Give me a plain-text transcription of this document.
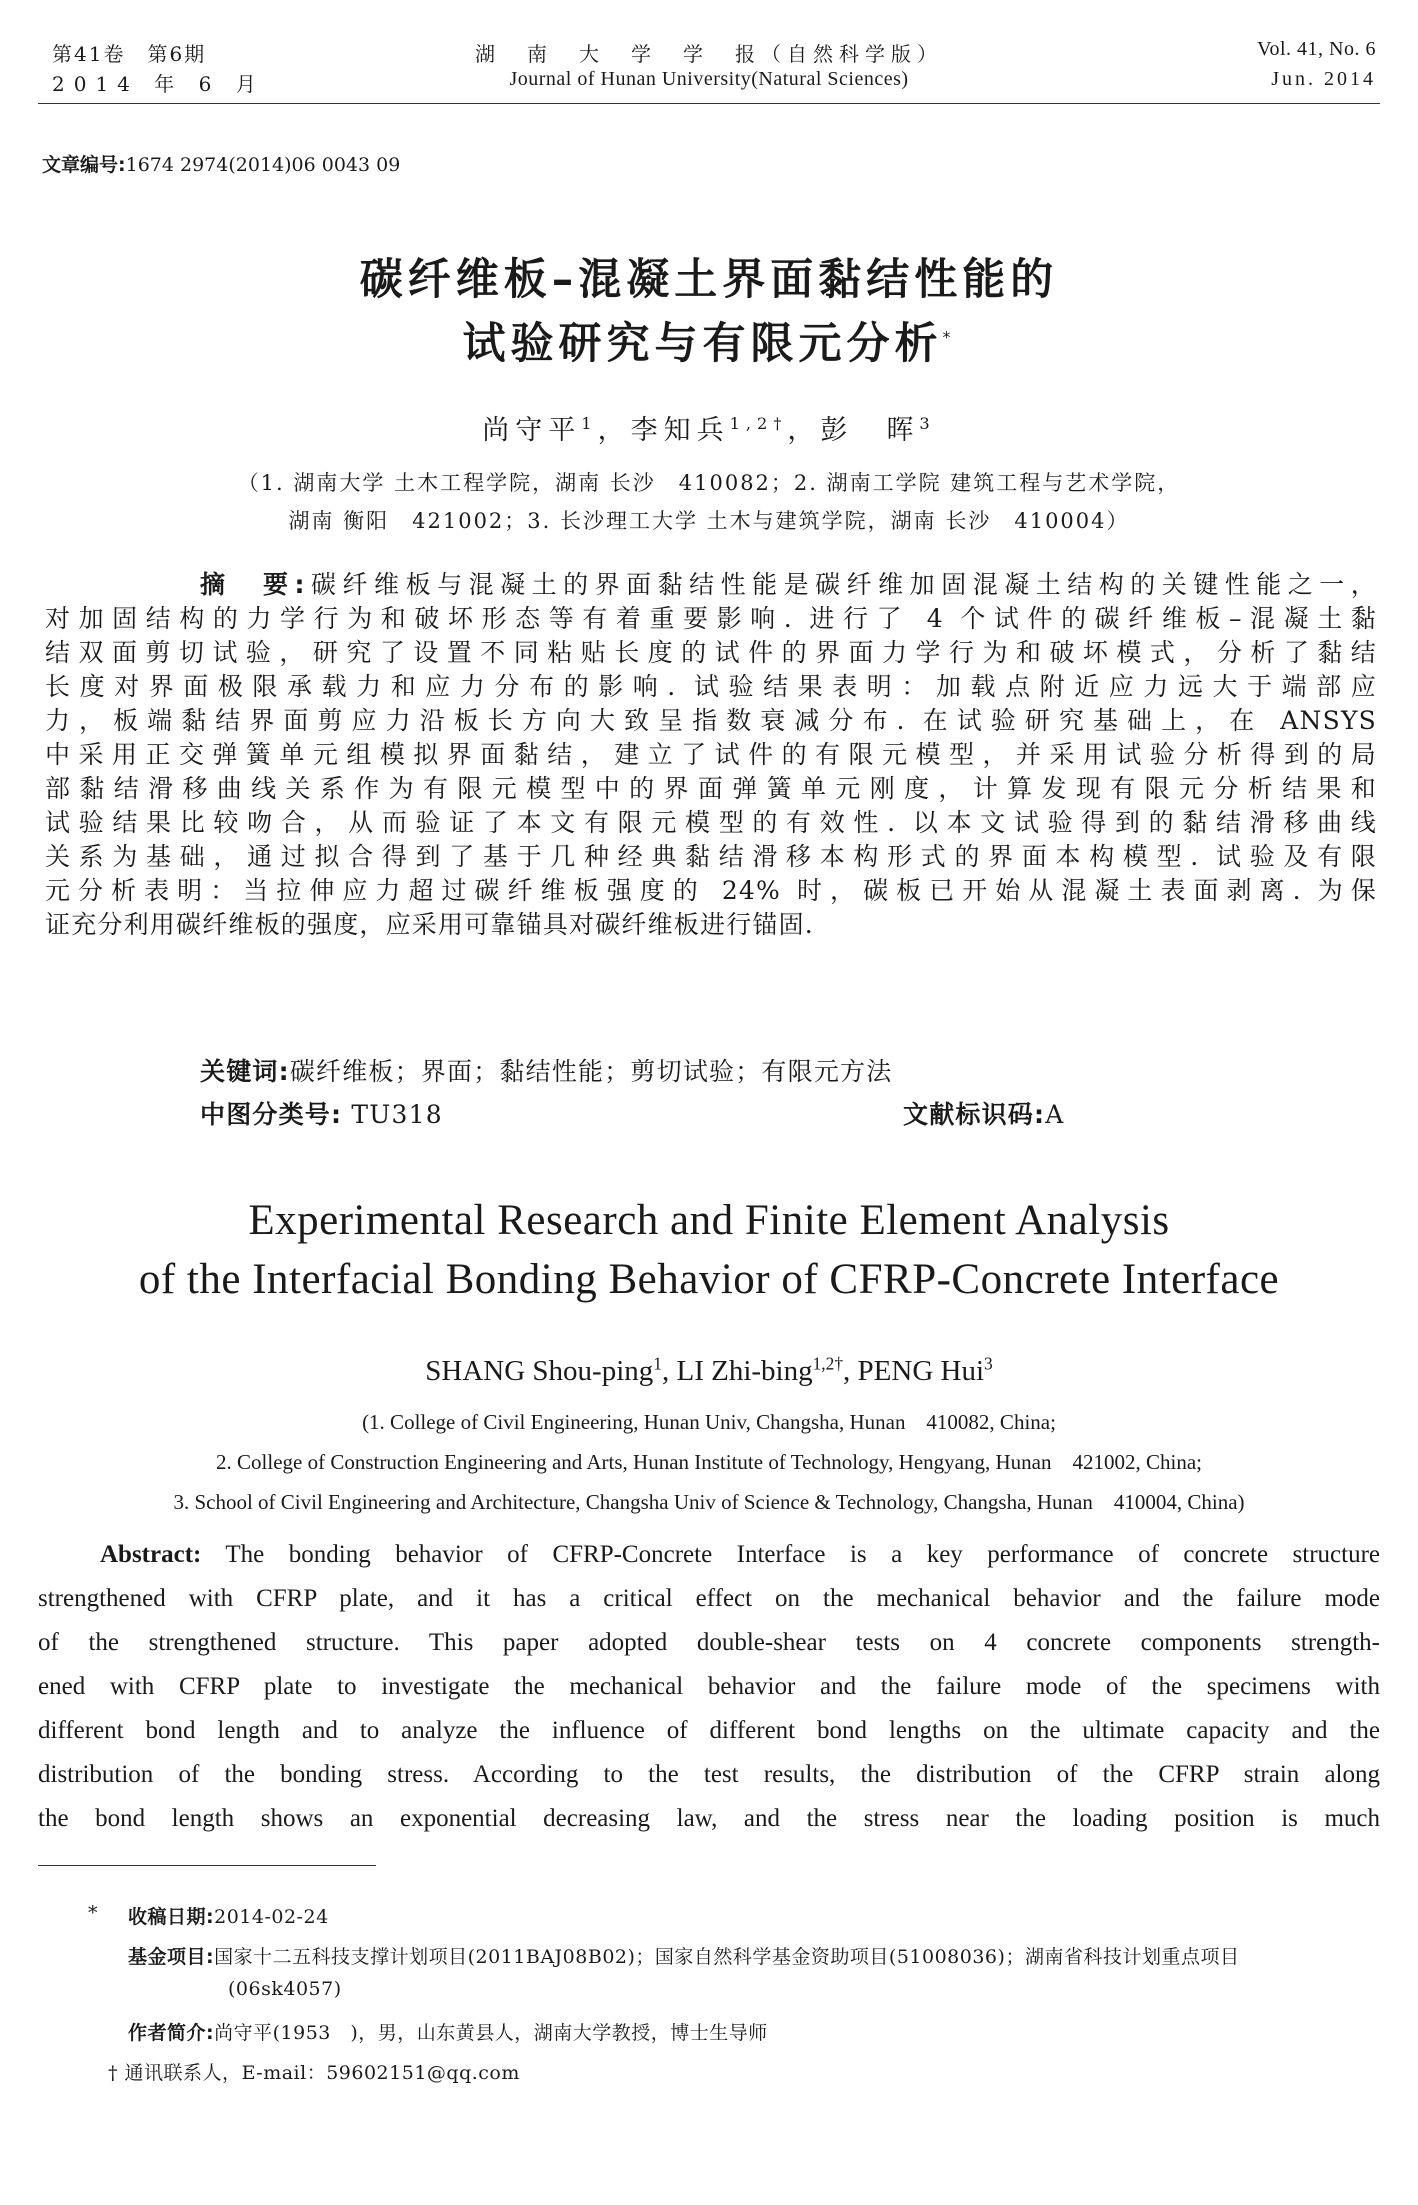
第41卷　第6期
2014 年 6 月
湖　南　大　学　学　报（自然科学版）
Journal of Hunan University(Natural Sciences)
Vol. 41, No. 6
Jun. 2014
文章编号:1674 2974(2014)06 0043 09
碳纤维板–混凝土界面黏结性能的
试验研究与有限元分析*
尚守平$^1$，李知兵$^{1,2\dagger}$，彭　晖$^3$
（1. 湖南大学 土木工程学院，湖南 长沙　410082；2. 湖南工学院 建筑工程与艺术学院，
湖南 衡阳　421002；3. 长沙理工大学 土木与建筑学院，湖南 长沙　410004）
摘　要:碳纤维板与混凝土的界面黏结性能是碳纤维加固混凝土结构的关键性能之一，
对加固结构的力学行为和破坏形态等有着重要影响. 进行了 4 个试件的碳纤维板–混凝土黏
结双面剪切试验，研究了设置不同粘贴长度的试件的界面力学行为和破坏模式，分析了黏结
长度对界面极限承载力和应力分布的影响. 试验结果表明：加载点附近应力远大于端部应
力，板端黏结界面剪应力沿板长方向大致呈指数衰减分布. 在试验研究基础上，在 ANSYS
中采用正交弹簧单元组模拟界面黏结，建立了试件的有限元模型，并采用试验分析得到的局
部黏结滑移曲线关系作为有限元模型中的界面弹簧单元刚度，计算发现有限元分析结果和
试验结果比较吻合，从而验证了本文有限元模型的有效性. 以本文试验得到的黏结滑移曲线
关系为基础，通过拟合得到了基于几种经典黏结滑移本构形式的界面本构模型. 试验及有限
元分析表明：当拉伸应力超过碳纤维板强度的 24% 时，碳板已开始从混凝土表面剥离. 为保
证充分利用碳纤维板的强度，应采用可靠锚具对碳纤维板进行锚固.
关键词:碳纤维板；界面；黏结性能；剪切试验；有限元方法
中图分类号: TU318	文献标识码:A
Experimental Research and Finite Element Analysis
of the Interfacial Bonding Behavior of CFRP-Concrete Interface
SHANG Shou-ping$^1$, LI Zhi-bing$^{1,2\dagger}$, PENG Hui$^3$
(1. College of Civil Engineering, Hunan Univ, Changsha, Hunan　410082, China;
2. College of Construction Engineering and Arts, Hunan Institute of Technology, Hengyang, Hunan　421002, China;
3. School of Civil Engineering and Architecture, Changsha Univ of Science & Technology, Changsha, Hunan　410004, China)
Abstract: The bonding behavior of CFRP-Concrete Interface is a key performance of concrete structure
strengthened with CFRP plate, and it has a critical effect on the mechanical behavior and the failure mode
of the strengthened structure. This paper adopted double-shear tests on 4 concrete components strength-
ened with CFRP plate to investigate the mechanical behavior and the failure mode of the specimens with
different bond length and to analyze the influence of different bond lengths on the ultimate capacity and the
distribution of the bonding stress. According to the test results, the distribution of the CFRP strain along
the bond length shows an exponential decreasing law, and the stress near the loading position is much
* 收稿日期:2014-02-24
基金项目:国家十二五科技支撑计划项目(2011BAJ08B02)；国家自然科学基金资助项目(51008036)；湖南省科技计划重点项目
(06sk4057)
作者简介:尚守平(1953　)，男，山东黄县人，湖南大学教授，博士生导师
† 通讯联系人，E-mail：59602151@qq.com
